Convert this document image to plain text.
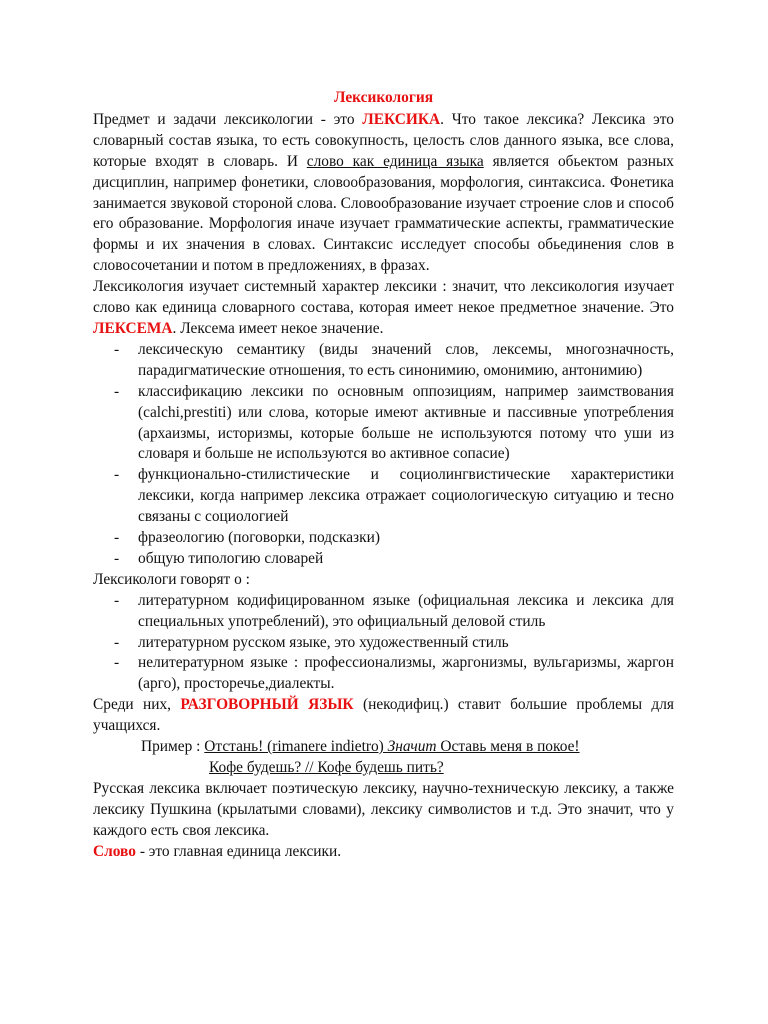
Лексикология

Предмет и задачи лексикологии - это ЛЕКСИКА. Что такое лексика? Лексика это словарный состав языка, то есть совокупность, целость слов данного языка, все слова, которые входят в словарь. И слово как единица языка является обьектом разных дисциплин, например фонетики, словообразования, морфология, синтаксиса. Фонетика занимается звуковой стороной слова. Словообразование изучает строение слов и способ его образование. Морфология иначе изучает грамматические аспекты, грамматические формы и их значения в словах. Синтаксис исследует способы обьединения слов в словосочетании и потом в предложениях, в фразах.

Лексикология изучает системный характер лексики : значит, что лексикология изучает слово как единица словарного состава, которая имеет некое предметное значение. Это ЛЕКСЕМА. Лексема имеет некое значение.

- лексическую семантику (виды значений слов, лексемы, многозначность, парадигматические отношения, то есть синонимию, омонимию, антонимию)
- классификацию лексики по основным оппозициям, например заимствования (calchi,prestiti) или слова, которые имеют активные и пассивные употребления (архаизмы, историзмы, которые больше не используются потому что уши из словаря и больше не используются во активное сопасие)
- функционально-стилистические и социолингвистические характеристики лексики, когда например лексика отражает социологическую ситуацию и тесно связаны с социологией
- фразеологию (поговорки, подсказки)
- общую типологию словарей

Лексикологи говорят о :

- литературном кодифицированном языке (официальная лексика и лексика для специальных употреблений), это официальный деловой стиль
- литературном русском языке, это художественный стиль
- нелитературном языке : профессионализмы, жаргонизмы, вульгаризмы, жаргон (арго), просторечье,диалекты.

Среди них, РАЗГОВОРНЫЙ ЯЗЫК (некодифиц.) ставит большие проблемы для учащихся.

Пример : Отстань! (rimanere indietro) Значит Оставь меня в покое!

Кофе будешь? // Кофе будешь пить?

Русская лексика включает поэтическую лексику, научно-техническую лексику, а также лексику Пушкина (крылатыми словами), лексику символистов и т.д. Это значит, что у каждого есть своя лексика.

Слово - это главная единица лексики.
